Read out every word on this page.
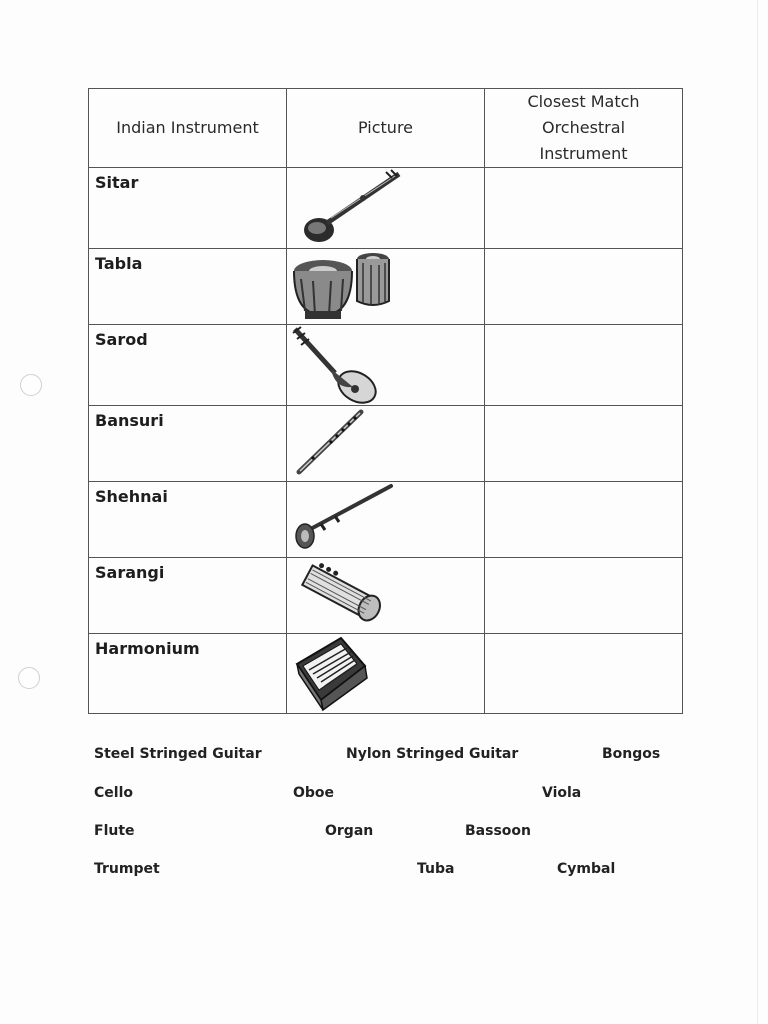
Indian Instrument	Picture	Closest Match Orchestral Instrument

Sitar

Tabla

Sarod

Bansuri

Shehnai

Sarangi

Harmonium

Steel Stringed Guitar	Nylon Stringed Guitar	Bongos
Cello	Oboe	Viola
Flute	Organ	Bassoon
Trumpet	Tuba	Cymbal
